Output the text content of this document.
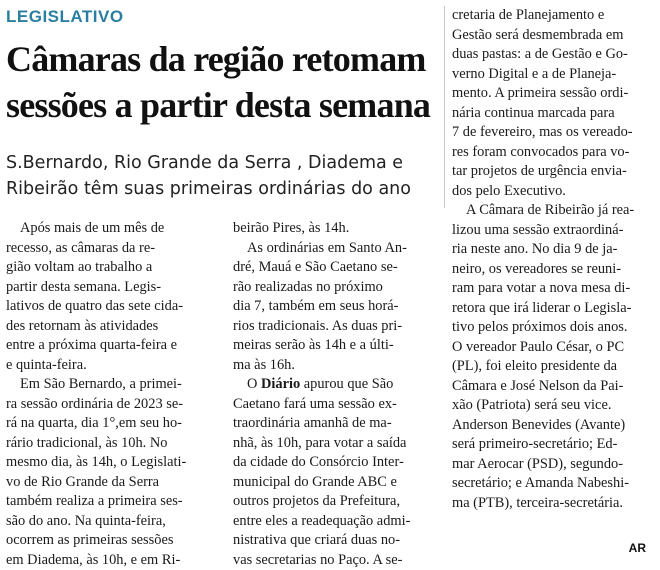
LEGISLATIVO
Câmaras da região retomam
sessões a partir desta semana
S.Bernardo, Rio Grande da Serra , Diadema e
Ribeirão têm suas primeiras ordinárias do ano
Após mais de um mês de
recesso, as câmaras da re-
gião voltam ao trabalho a
partir desta semana. Legis-
lativos de quatro das sete cida-
des retornam às atividades
entre a próxima quarta-feira e
e quinta-feira.
Em São Bernardo, a primei-
ra sessão ordinária de 2023 se-
rá na quarta, dia 1°,em seu ho-
rário tradicional, às 10h. No
mesmo dia, às 14h, o Legislati-
vo de Rio Grande da Serra
também realiza a primeira ses-
são do ano. Na quinta-feira,
ocorrem as primeiras sessões
em Diadema, às 10h, e em Ri-
beirão Pires, às 14h.
As ordinárias em Santo An-
dré, Mauá e São Caetano se-
rão realizadas no próximo
dia 7, também em seus horá-
rios tradicionais. As duas pri-
meiras serão às 14h e a últi-
ma às 16h.
O Diário apurou que São
Caetano fará uma sessão ex-
traordinária amanhã de ma-
nhã, às 10h, para votar a saída
da cidade do Consórcio Inter-
municipal do Grande ABC e
outros projetos da Prefeitura,
entre eles a readequação admi-
nistrativa que criará duas no-
vas secretarias no Paço. A se-
cretaria de Planejamento e
Gestão será desmembrada em
duas pastas: a de Gestão e Go-
verno Digital e a de Planeja-
mento. A primeira sessão ordi-
nária continua marcada para
7 de fevereiro, mas os vereado-
res foram convocados para vo-
tar projetos de urgência envia-
dos pelo Executivo.
A Câmara de Ribeirão já rea-
lizou uma sessão extraordiná-
ria neste ano. No dia 9 de ja-
neiro, os vereadores se reuni-
ram para votar a nova mesa di-
retora que irá liderar o Legisla-
tivo pelos próximos dois anos.
O vereador Paulo César, o PC
(PL), foi eleito presidente da
Câmara e José Nelson da Pai-
xão (Patriota) será seu vice.
Anderson Benevides (Avante)
será primeiro-secretário; Ed-
mar Aerocar (PSD), segundo-
secretário; e Amanda Nabeshi-
ma (PTB), terceira-secretária.
AR
